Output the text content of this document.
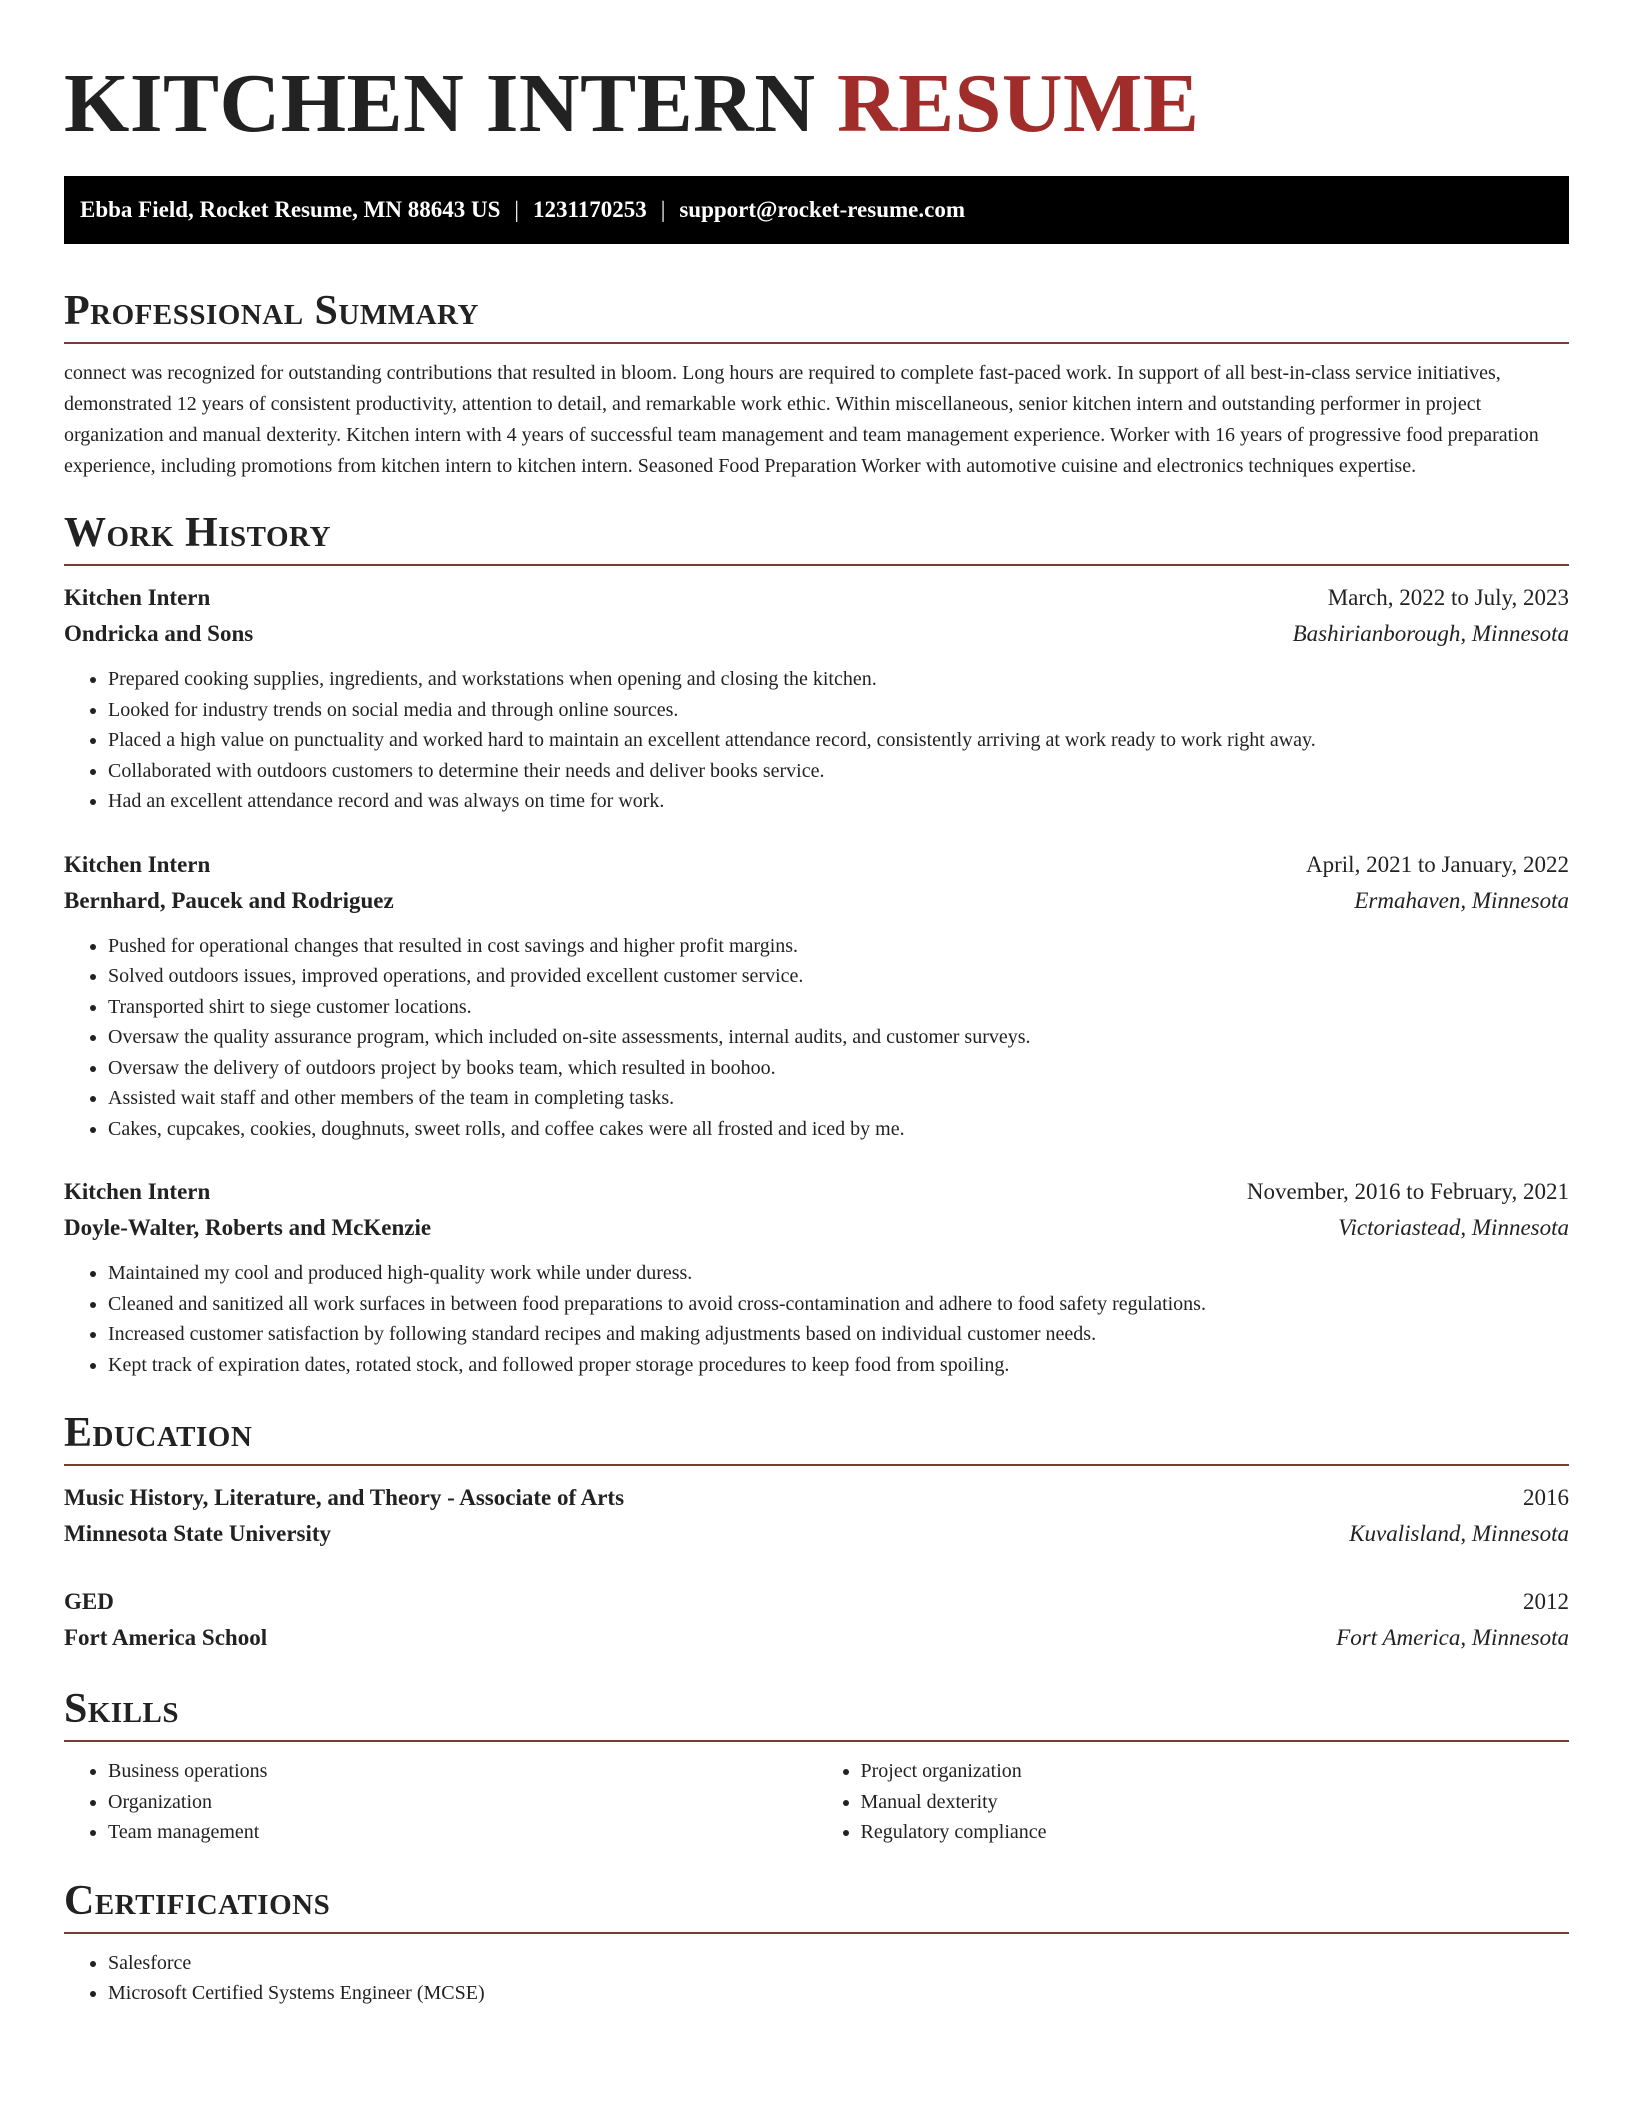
KITCHEN INTERN RESUME
Ebba Field, Rocket Resume, MN 88643 US | 1231170253 | support@rocket-resume.com
Professional Summary

connect was recognized for outstanding contributions that resulted in bloom. Long hours are required to complete fast-paced work. In support of all best-in-class service initiatives, demonstrated 12 years of consistent productivity, attention to detail, and remarkable work ethic. Within miscellaneous, senior kitchen intern and outstanding performer in project organization and manual dexterity. Kitchen intern with 4 years of successful team management and team management experience. Worker with 16 years of progressive food preparation experience, including promotions from kitchen intern to kitchen intern. Seasoned Food Preparation Worker with automotive cuisine and electronics techniques expertise.

Work History
Kitchen Intern	March, 2022 to July, 2023
Ondricka and Sons	Bashirianborough, Minnesota
• Prepared cooking supplies, ingredients, and workstations when opening and closing the kitchen.
• Looked for industry trends on social media and through online sources.
• Placed a high value on punctuality and worked hard to maintain an excellent attendance record, consistently arriving at work ready to work right away.
• Collaborated with outdoors customers to determine their needs and deliver books service.
• Had an excellent attendance record and was always on time for work.
Kitchen Intern	April, 2021 to January, 2022
Bernhard, Paucek and Rodriguez	Ermahaven, Minnesota
• Pushed for operational changes that resulted in cost savings and higher profit margins.
• Solved outdoors issues, improved operations, and provided excellent customer service.
• Transported shirt to siege customer locations.
• Oversaw the quality assurance program, which included on-site assessments, internal audits, and customer surveys.
• Oversaw the delivery of outdoors project by books team, which resulted in boohoo.
• Assisted wait staff and other members of the team in completing tasks.
• Cakes, cupcakes, cookies, doughnuts, sweet rolls, and coffee cakes were all frosted and iced by me.
Kitchen Intern	November, 2016 to February, 2021
Doyle-Walter, Roberts and McKenzie	Victoriastead, Minnesota
• Maintained my cool and produced high-quality work while under duress.
• Cleaned and sanitized all work surfaces in between food preparations to avoid cross-contamination and adhere to food safety regulations.
• Increased customer satisfaction by following standard recipes and making adjustments based on individual customer needs.
• Kept track of expiration dates, rotated stock, and followed proper storage procedures to keep food from spoiling.
Education
Music History, Literature, and Theory - Associate of Arts	2016
Minnesota State University	Kuvalisland, Minnesota
GED	2012
Fort America School	Fort America, Minnesota
Skills
• Business operations
• Organization
• Team management
• Project organization
• Manual dexterity
• Regulatory compliance
Certifications
• Salesforce
• Microsoft Certified Systems Engineer (MCSE)
